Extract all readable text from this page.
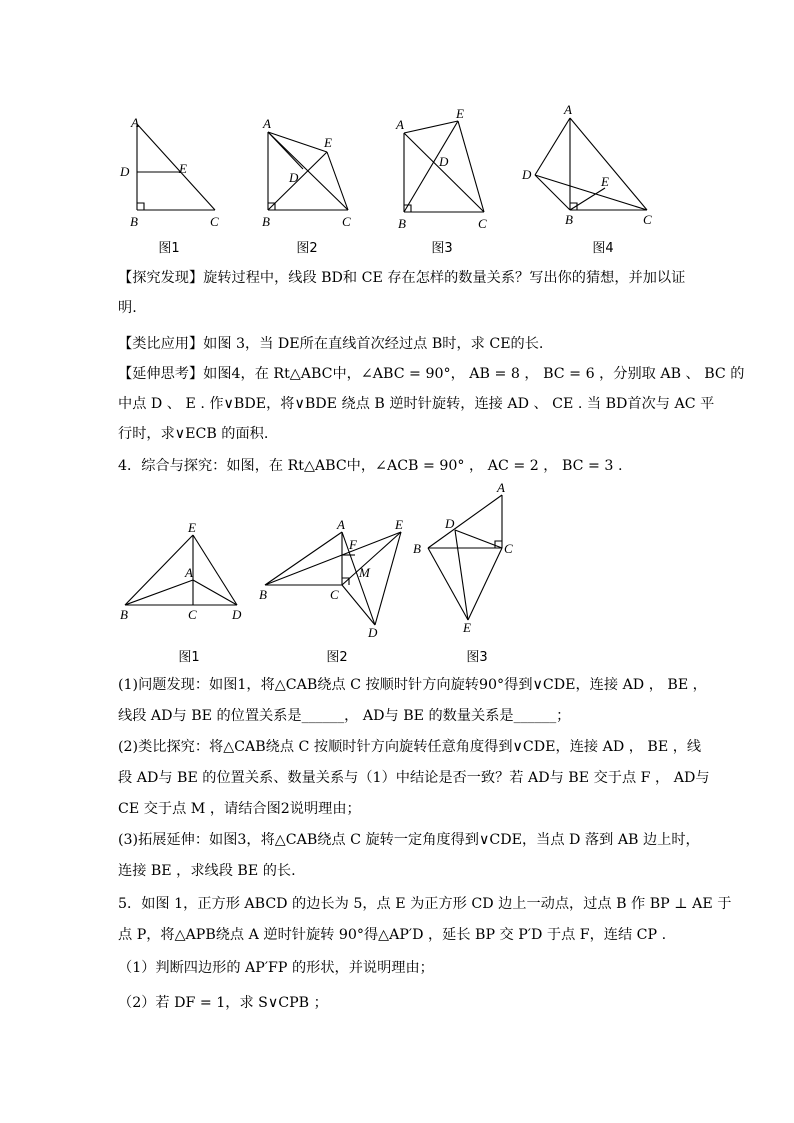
A
D	E
B	C
A
E
D
B	C
A
E
D
B	C
A
D	E
B	C
图1	图2	图3	图4
【探究发现】旋转过程中，线段 BD和 CE 存在怎样的数量关系？写出你的猜想，并加以证
明.
【类比应用】如图 3，当 DE所在直线首次经过点 B时，求 CE的长.
【延伸思考】如图4，在 Rt△ABC中，∠ABC = 90°， AB = 8 ， BC = 6 ，分别取 AB 、 BC 的
中点 D 、 E . 作∨BDE，将∨BDE 绕点 B 逆时针旋转，连接 AD 、 CE . 当 BD首次与 AC 平
行时，求∨ECB 的面积.
4．综合与探究：如图，在 Rt△ABC中，∠ACB = 90° ， AC = 2 ， BC = 3 .
E
A
B	C	D
A	E
F
M
B	C
D
A
D
B	C
E
图1	图2	图3
(1)问题发现：如图1，将△CAB绕点 C 按顺时针方向旋转90°得到∨CDE，连接 AD ， BE ，
线段 AD与 BE 的位置关系是______， AD与 BE 的数量关系是______；
(2)类比探究：将△CAB绕点 C 按顺时针方向旋转任意角度得到∨CDE，连接 AD ， BE ，线
段 AD与 BE 的位置关系、数量关系与（1）中结论是否一致？若 AD与 BE 交于点 F ， AD与
CE 交于点 M ，请结合图2说明理由；
(3)拓展延伸：如图3，将△CAB绕点 C 旋转一定角度得到∨CDE，当点 D 落到 AB 边上时，
连接 BE ，求线段 BE 的长.
5．如图 1，正方形 ABCD 的边长为 5，点 E 为正方形 CD 边上一动点，过点 B 作 BP ⊥ AE 于
点 P，将△APB绕点 A 逆时针旋转 90°得△AP′D ，延长 BP 交 P′D 于点 F，连结 CP .
（1）判断四边形的 AP′FP 的形状，并说明理由；
（2）若 DF = 1，求 S∨CPB ；
